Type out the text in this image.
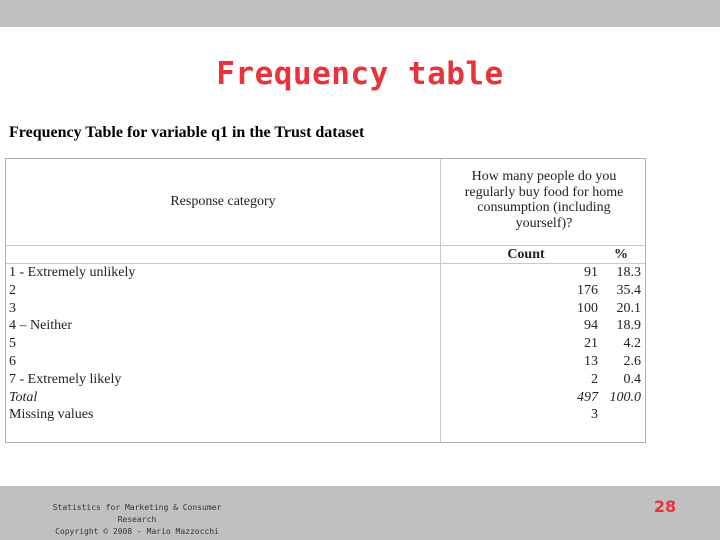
Frequency table
Frequency Table for variable q1 in the Trust dataset
Response category
How many people do you
regularly buy food for home
consumption (including
yourself)?
Count	%
1 - Extremely unlikely	91	18.3
2	176	35.4
3	100	20.1
4 – Neither	94	18.9
5	21	4.2
6	13	2.6
7 - Extremely likely	2	0.4
Total	497 100.0
Missing values	3
Statistics for Marketing & Consumer Research
Copyright © 2008 - Mario Mazzocchi
28
